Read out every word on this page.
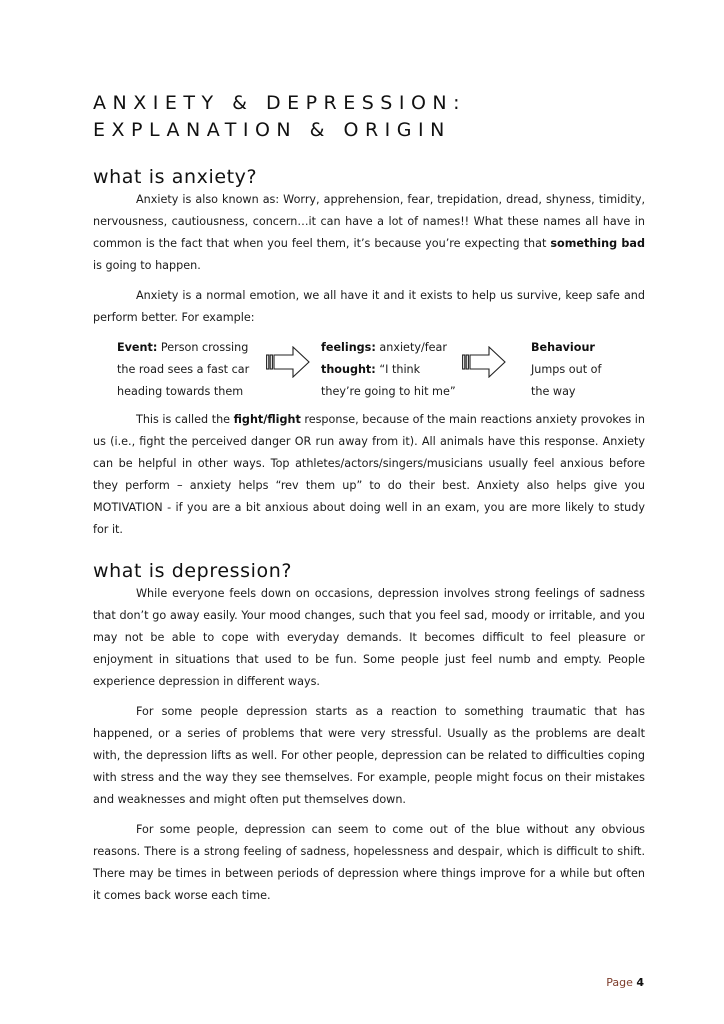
ANXIETY & DEPRESSION:
EXPLANATION & ORIGIN
what is anxiety?

Anxiety is also known as: Worry, apprehension, fear, trepidation, dread, shyness, timidity, nervousness, cautiousness, concern…it can have a lot of names!! What these names all have in common is the fact that when you feel them, it’s because you’re expecting that something bad is going to happen.

Anxiety is a normal emotion, we all have it and it exists to help us survive, keep safe and perform better. For example:

Event: Person crossing
the road sees a fast car
heading towards them
feelings: anxiety/fear
thought: “I think
they’re going to hit me”
Behaviour
Jumps out of
the way

This is called the fight/flight response, because of the main reactions anxiety provokes in us (i.e., fight the perceived danger OR run away from it). All animals have this response. Anxiety can be helpful in other ways. Top athletes/actors/singers/musicians usually feel anxious before they perform – anxiety helps “rev them up” to do their best. Anxiety also helps give you MOTIVATION - if you are a bit anxious about doing well in an exam, you are more likely to study for it.

what is depression?

While everyone feels down on occasions, depression involves strong feelings of sadness that don’t go away easily. Your mood changes, such that you feel sad, moody or irritable, and you may not be able to cope with everyday demands. It becomes difficult to feel pleasure or enjoyment in situations that used to be fun. Some people just feel numb and empty. People experience depression in different ways.

For some people depression starts as a reaction to something traumatic that has happened, or a series of problems that were very stressful. Usually as the problems are dealt with, the depression lifts as well. For other people, depression can be related to difficulties coping with stress and the way they see themselves. For example, people might focus on their mistakes and weaknesses and might often put themselves down.

For some people, depression can seem to come out of the blue without any obvious reasons. There is a strong feeling of sadness, hopelessness and despair, which is difficult to shift. There may be times in between periods of depression where things improve for a while but often it comes back worse each time.

Page 4
